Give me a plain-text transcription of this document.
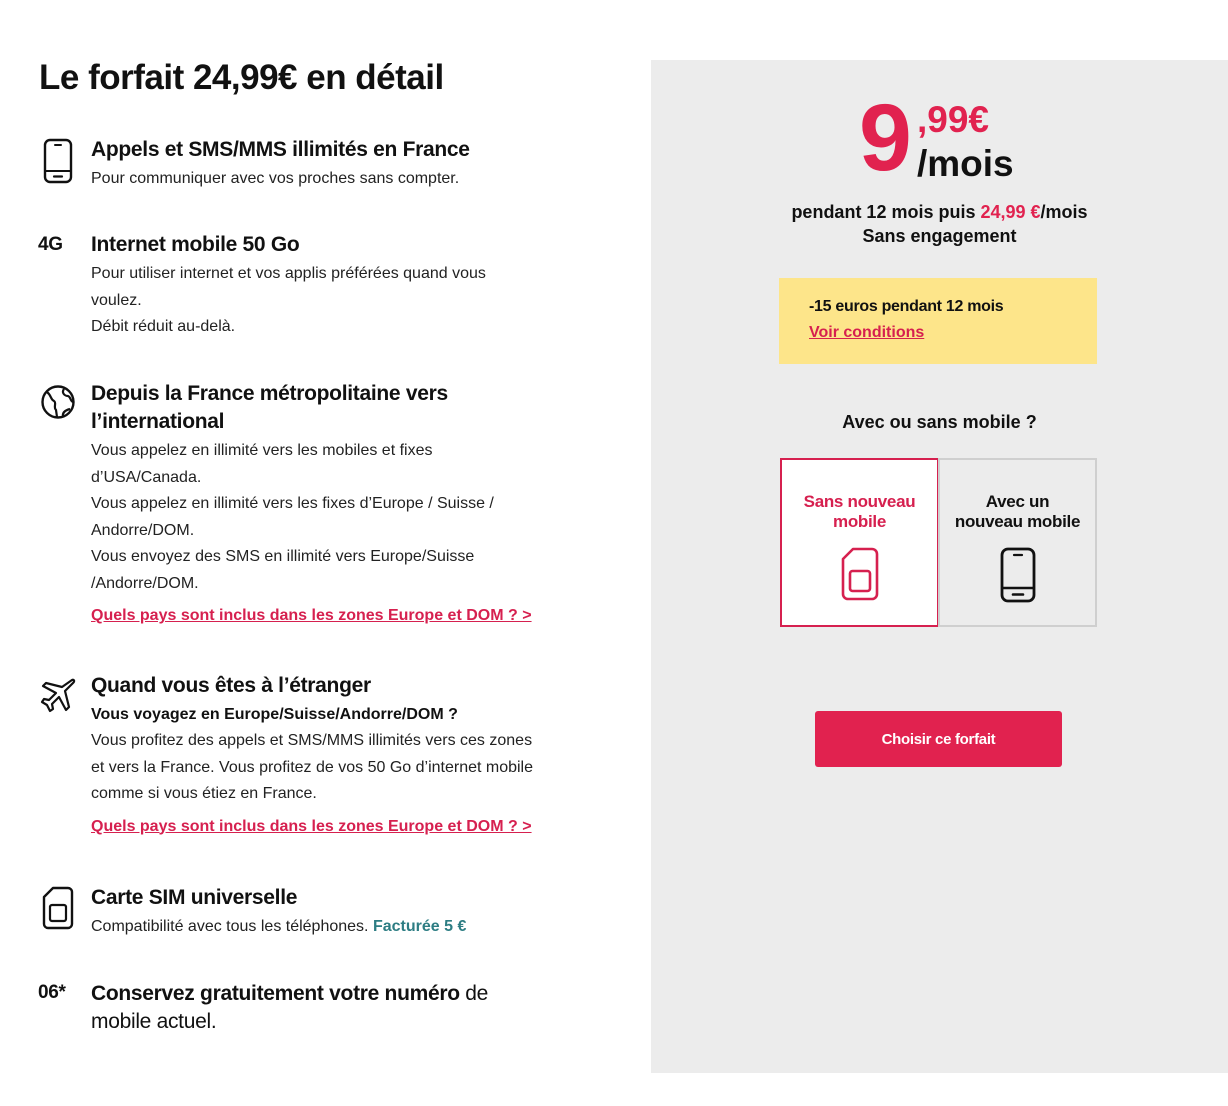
Le forfait 24,99€ en détail
Appels et SMS/MMS illimités en France
Pour communiquer avec vos proches sans compter.
4G Internet mobile 50 Go
Pour utiliser internet et vos applis préférées quand vous
voulez.
Débit réduit au-delà.
Depuis la France métropolitaine vers
l’international
Vous appelez en illimité vers les mobiles et fixes
d’USA/Canada.
Vous appelez en illimité vers les fixes d’Europe / Suisse /
Andorre/DOM.
Vous envoyez des SMS en illimité vers Europe/Suisse
/Andorre/DOM.
Quels pays sont inclus dans les zones Europe et DOM ? >
Quand vous êtes à l’étranger
Vous voyagez en Europe/Suisse/Andorre/DOM ?
Vous profitez des appels et SMS/MMS illimités vers ces zones
et vers la France. Vous profitez de vos 50 Go d’internet mobile
comme si vous étiez en France.
Quels pays sont inclus dans les zones Europe et DOM ? >
Carte SIM universelle
Compatibilité avec tous les téléphones. Facturée 5 €
06* Conservez gratuitement votre numéro de
mobile actuel.
9 ,99€
/mois
pendant 12 mois puis 24,99 €/mois
Sans engagement
-15 euros pendant 12 mois
Voir conditions
Avec ou sans mobile ?
Sans nouveau
mobile
Avec un
nouveau mobile
Choisir ce forfait
